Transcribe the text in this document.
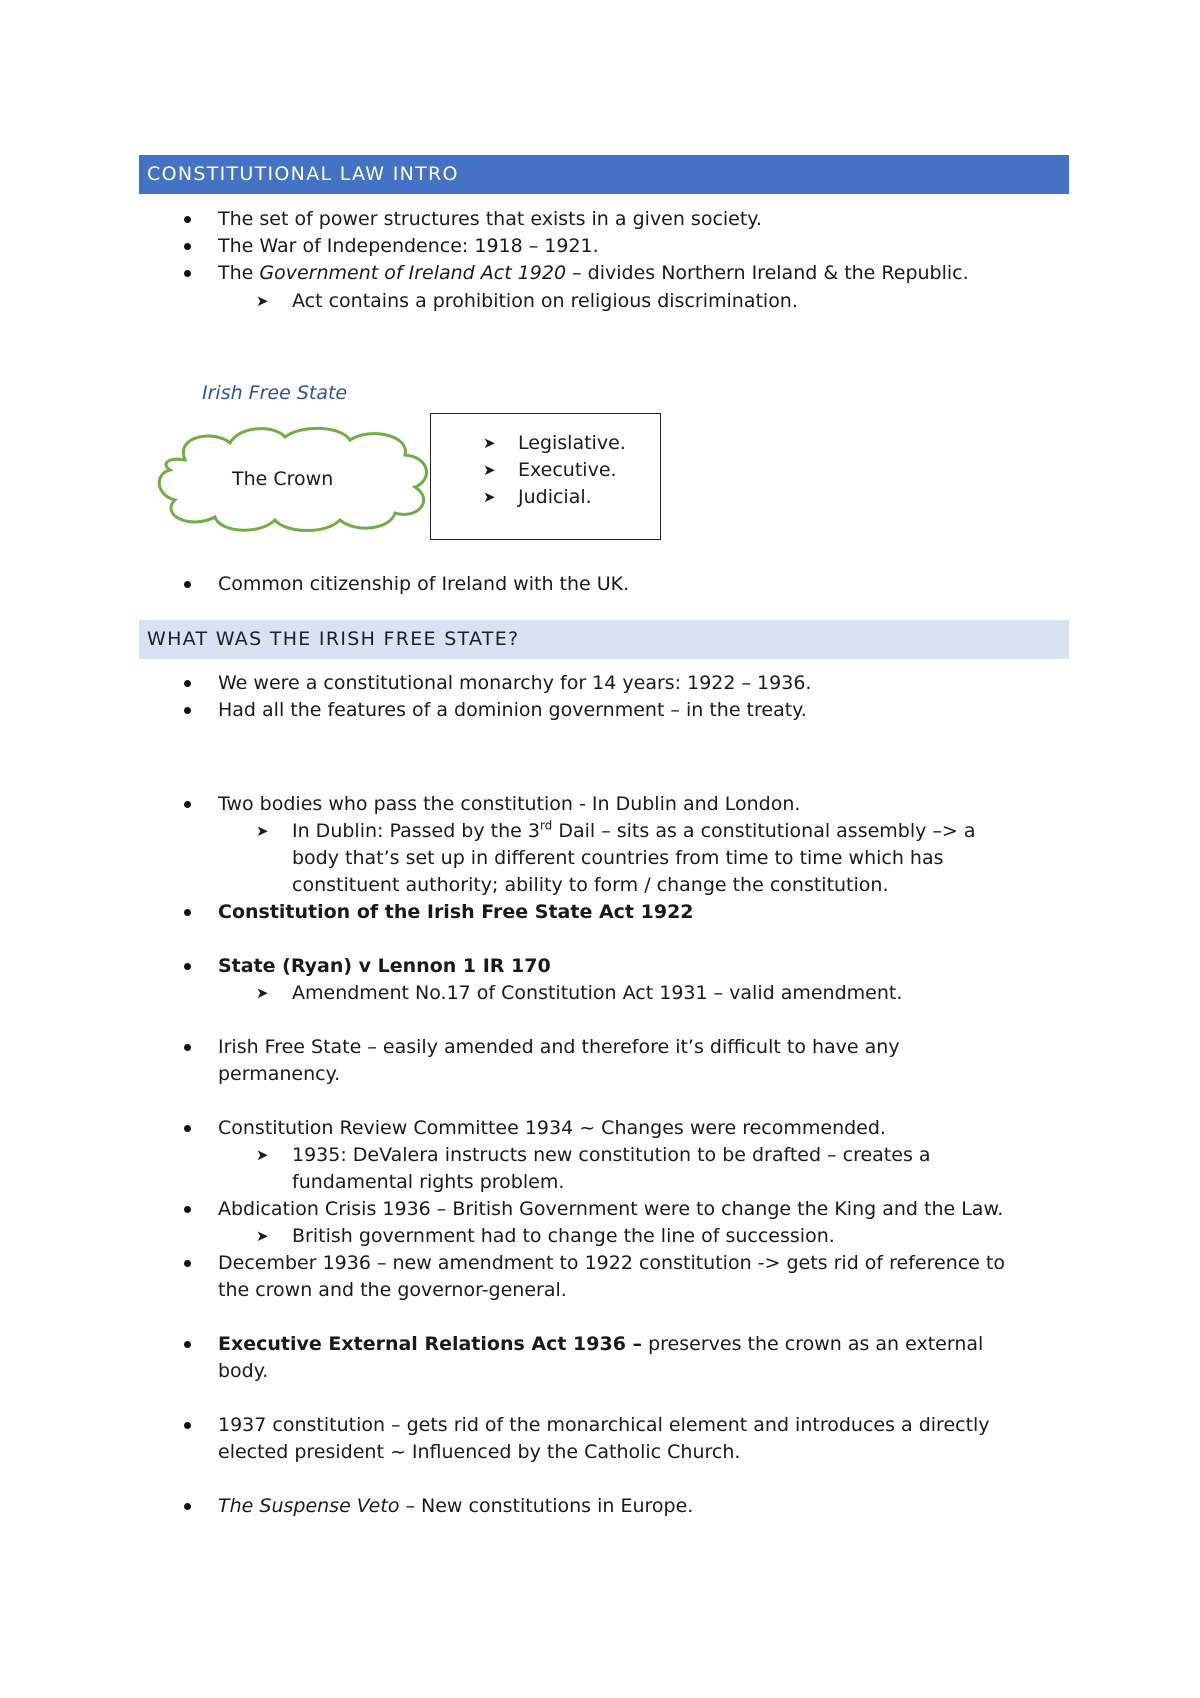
CONSTITUTIONAL LAW INTRO
The set of power structures that exists in a given society.
The War of Independence: 1918 – 1921.
The Government of Ireland Act 1920 – divides Northern Ireland & the Republic.
➤ Act contains a prohibition on religious discrimination.
Irish Free State
The Crown
➤ Legislative.
➤ Executive.
➤ Judicial.
Common citizenship of Ireland with the UK.
WHAT WAS THE IRISH FREE STATE?
We were a constitutional monarchy for 14 years: 1922 – 1936.
Had all the features of a dominion government – in the treaty.
Two bodies who pass the constitution - In Dublin and London.
➤ In Dublin: Passed by the 3rd Dail – sits as a constitutional assembly –> a
body that’s set up in different countries from time to time which has
constituent authority; ability to form / change the constitution.
Constitution of the Irish Free State Act 1922
State (Ryan) v Lennon 1 IR 170
➤ Amendment No.17 of Constitution Act 1931 – valid amendment.
Irish Free State – easily amended and therefore it’s difficult to have any
permanency.
Constitution Review Committee 1934 ~ Changes were recommended.
➤ 1935: DeValera instructs new constitution to be drafted – creates a
fundamental rights problem.
Abdication Crisis 1936 – British Government were to change the King and the Law.
➤ British government had to change the line of succession.
December 1936 – new amendment to 1922 constitution -> gets rid of reference to
the crown and the governor-general.
Executive External Relations Act 1936 – preserves the crown as an external
body.
1937 constitution – gets rid of the monarchical element and introduces a directly
elected president ~ Influenced by the Catholic Church.
The Suspense Veto – New constitutions in Europe.
